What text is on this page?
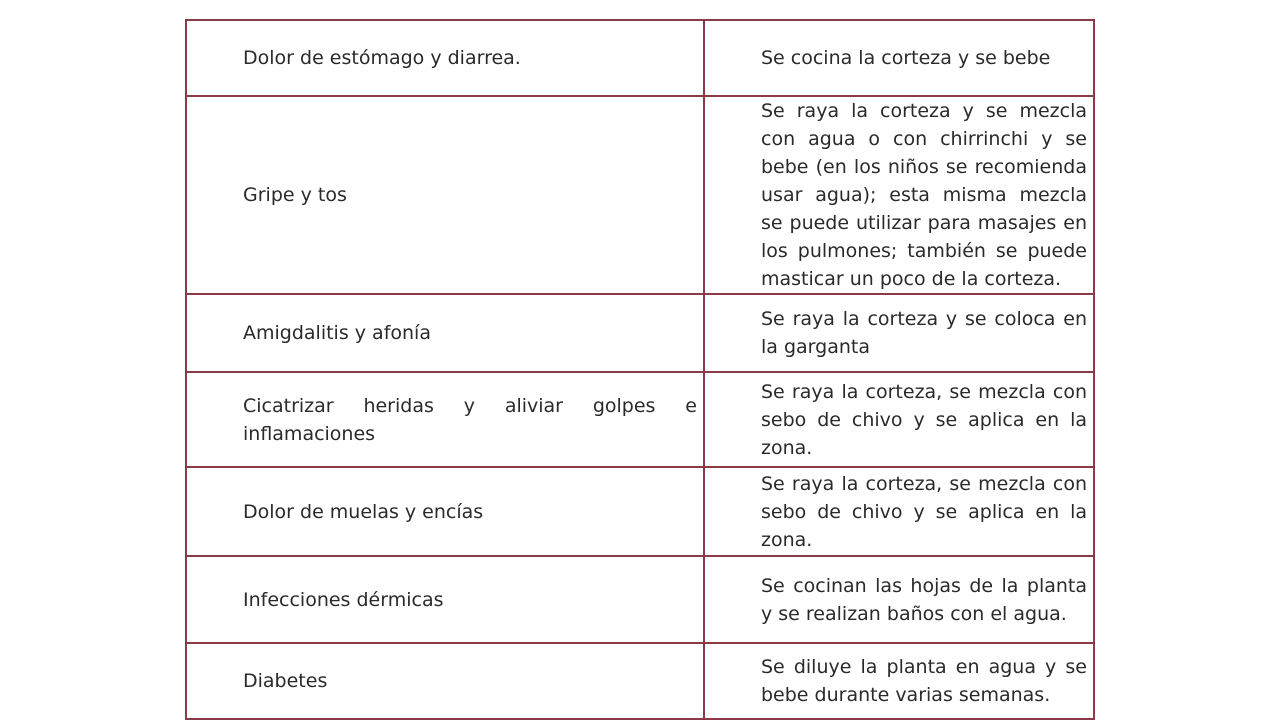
Dolor de estómago y diarrea.	Se cocina la corteza y se bebe
Gripe y tos	Se raya la corteza y se mezcla con agua o con chirrinchi y se bebe (en los niños se recomienda usar agua); esta misma mezcla se puede utilizar para masajes en los pulmones; también se puede masticar un poco de la corteza.
Amigdalitis y afonía	Se raya la corteza y se coloca en la garganta
Cicatrizar heridas y aliviar golpes e inflamaciones	Se raya la corteza, se mezcla con sebo de chivo y se aplica en la zona.
Dolor de muelas y encías	Se raya la corteza, se mezcla con sebo de chivo y se aplica en la zona.
Infecciones dérmicas	Se cocinan las hojas de la planta y se realizan baños con el agua.
Diabetes	Se diluye la planta en agua y se bebe durante varias semanas.
